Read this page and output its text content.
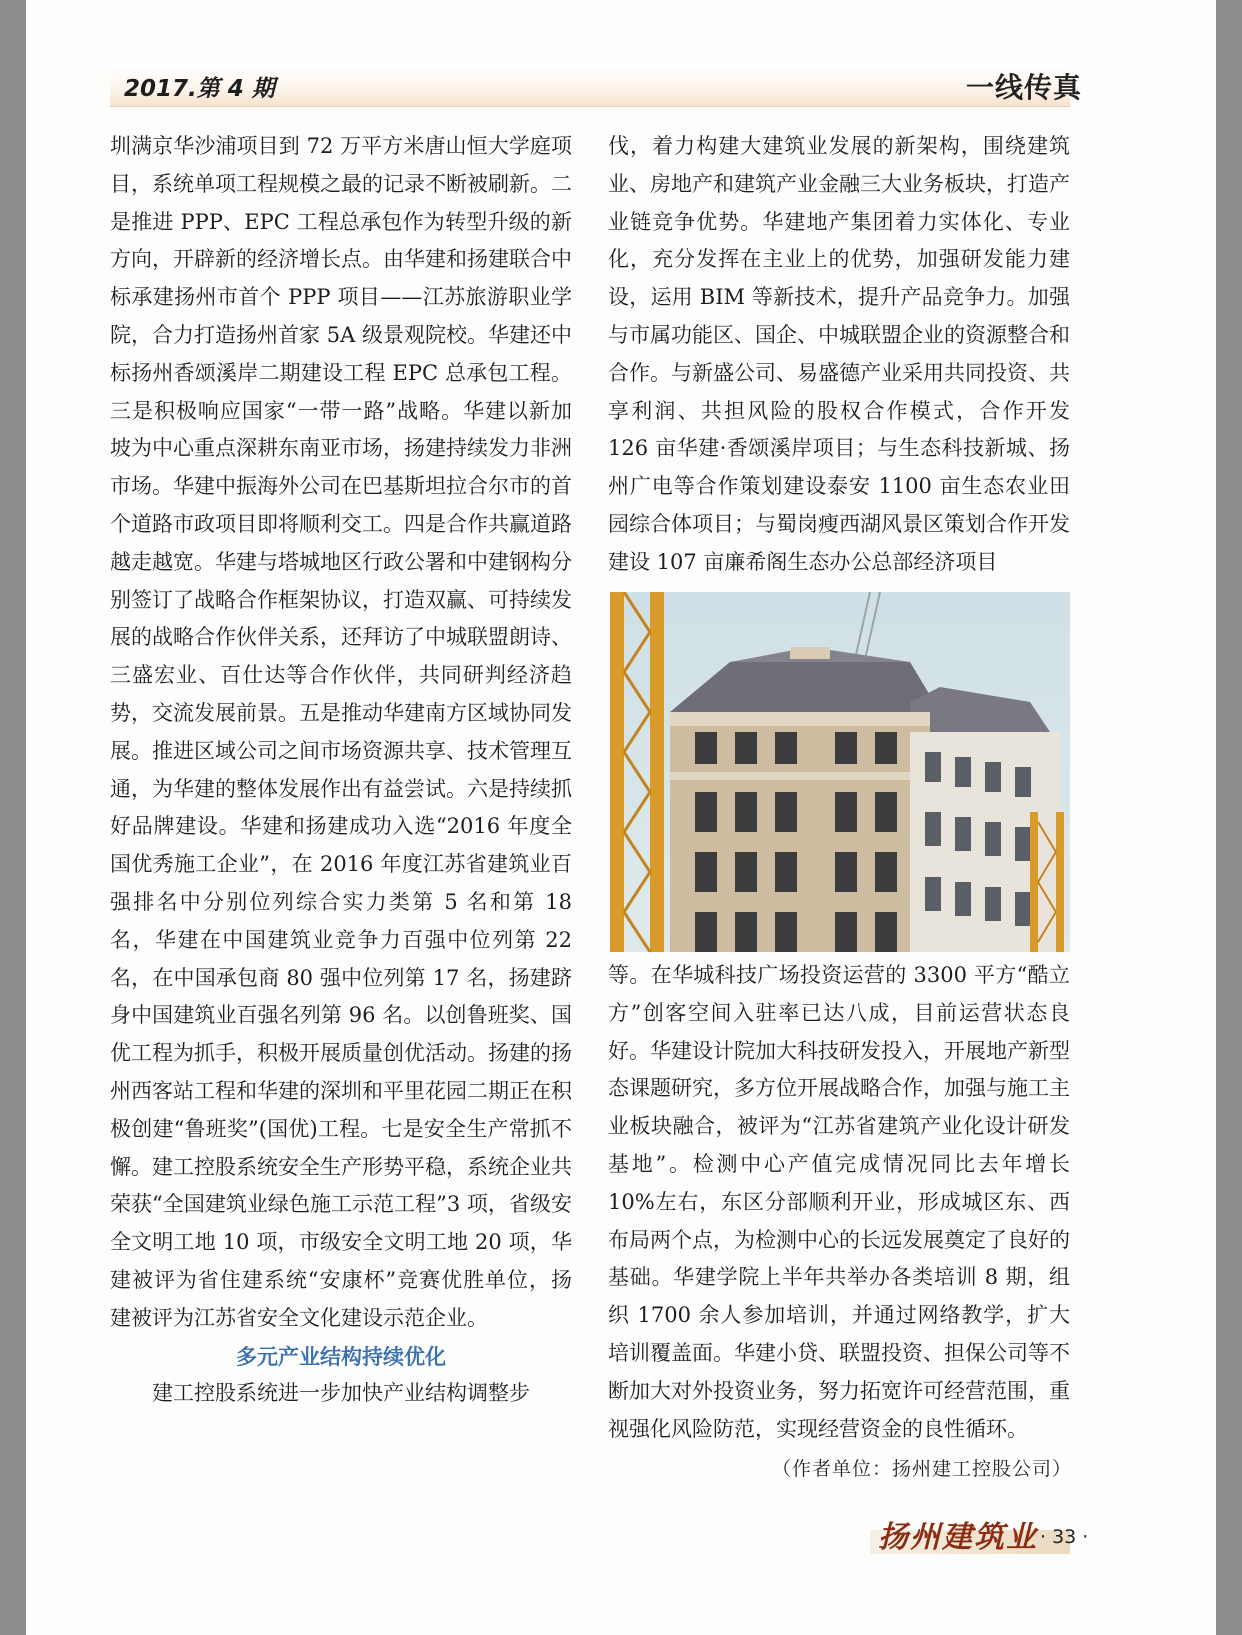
2017.第 4 期	一线传真

圳满京华沙浦项目到 72 万平方米唐山恒大学庭项目，系统单项工程规模之最的记录不断被刷新。二是推进 PPP、EPC 工程总承包作为转型升级的新方向，开辟新的经济增长点。由华建和扬建联合中标承建扬州市首个 PPP 项目——江苏旅游职业学院，合力打造扬州首家 5A 级景观院校。华建还中标扬州香颂溪岸二期建设工程 EPC 总承包工程。三是积极响应国家“一带一路”战略。华建以新加坡为中心重点深耕东南亚市场，扬建持续发力非洲市场。华建中振海外公司在巴基斯坦拉合尔市的首个道路市政项目即将顺利交工。四是合作共赢道路越走越宽。华建与塔城地区行政公署和中建钢构分别签订了战略合作框架协议，打造双赢、可持续发展的战略合作伙伴关系，还拜访了中城联盟朗诗、三盛宏业、百仕达等合作伙伴，共同研判经济趋势，交流发展前景。五是推动华建南方区域协同发展。推进区域公司之间市场资源共享、技术管理互通，为华建的整体发展作出有益尝试。六是持续抓好品牌建设。华建和扬建成功入选“2016 年度全国优秀施工企业”，在 2016 年度江苏省建筑业百强排名中分别位列综合实力类第 5 名和第 18 名，华建在中国建筑业竞争力百强中位列第 22 名，在中国承包商 80 强中位列第 17 名，扬建跻身中国建筑业百强名列第 96 名。以创鲁班奖、国优工程为抓手，积极开展质量创优活动。扬建的扬州西客站工程和华建的深圳和平里花园二期正在积极创建“鲁班奖”(国优)工程。七是安全生产常抓不懈。建工控股系统安全生产形势平稳，系统企业共荣获“全国建筑业绿色施工示范工程”3 项，省级安全文明工地 10 项，市级安全文明工地 20 项，华建被评为省住建系统“安康杯”竞赛优胜单位，扬建被评为江苏省安全文化建设示范企业。

多元产业结构持续优化

建工控股系统进一步加快产业结构调整步

伐，着力构建大建筑业发展的新架构，围绕建筑业、房地产和建筑产业金融三大业务板块，打造产业链竞争优势。华建地产集团着力实体化、专业化，充分发挥在主业上的优势，加强研发能力建设，运用 BIM 等新技术，提升产品竞争力。加强与市属功能区、国企、中城联盟企业的资源整合和合作。与新盛公司、易盛德产业采用共同投资、共享利润、共担风险的股权合作模式，合作开发 126 亩华建·香颂溪岸项目；与生态科技新城、扬州广电等合作策划建设泰安 1100 亩生态农业田园综合体项目；与蜀岗瘦西湖风景区策划合作开发建设 107 亩廉希阁生态办公总部经济项目

等。在华城科技广场投资运营的 3300 平方“酷立方”创客空间入驻率已达八成，目前运营状态良好。华建设计院加大科技研发投入，开展地产新型态课题研究，多方位开展战略合作，加强与施工主业板块融合，被评为“江苏省建筑产业化设计研发基地”。检测中心产值完成情况同比去年增长 10%左右，东区分部顺利开业，形成城区东、西布局两个点，为检测中心的长远发展奠定了良好的基础。华建学院上半年共举办各类培训 8 期，组织 1700 余人参加培训，并通过网络教学，扩大培训覆盖面。华建小贷、联盟投资、担保公司等不断加大对外投资业务，努力拓宽许可经营范围，重视强化风险防范，实现经营资金的良性循环。

（作者单位：扬州建工控股公司）
扬州建筑业 · 33 ·
